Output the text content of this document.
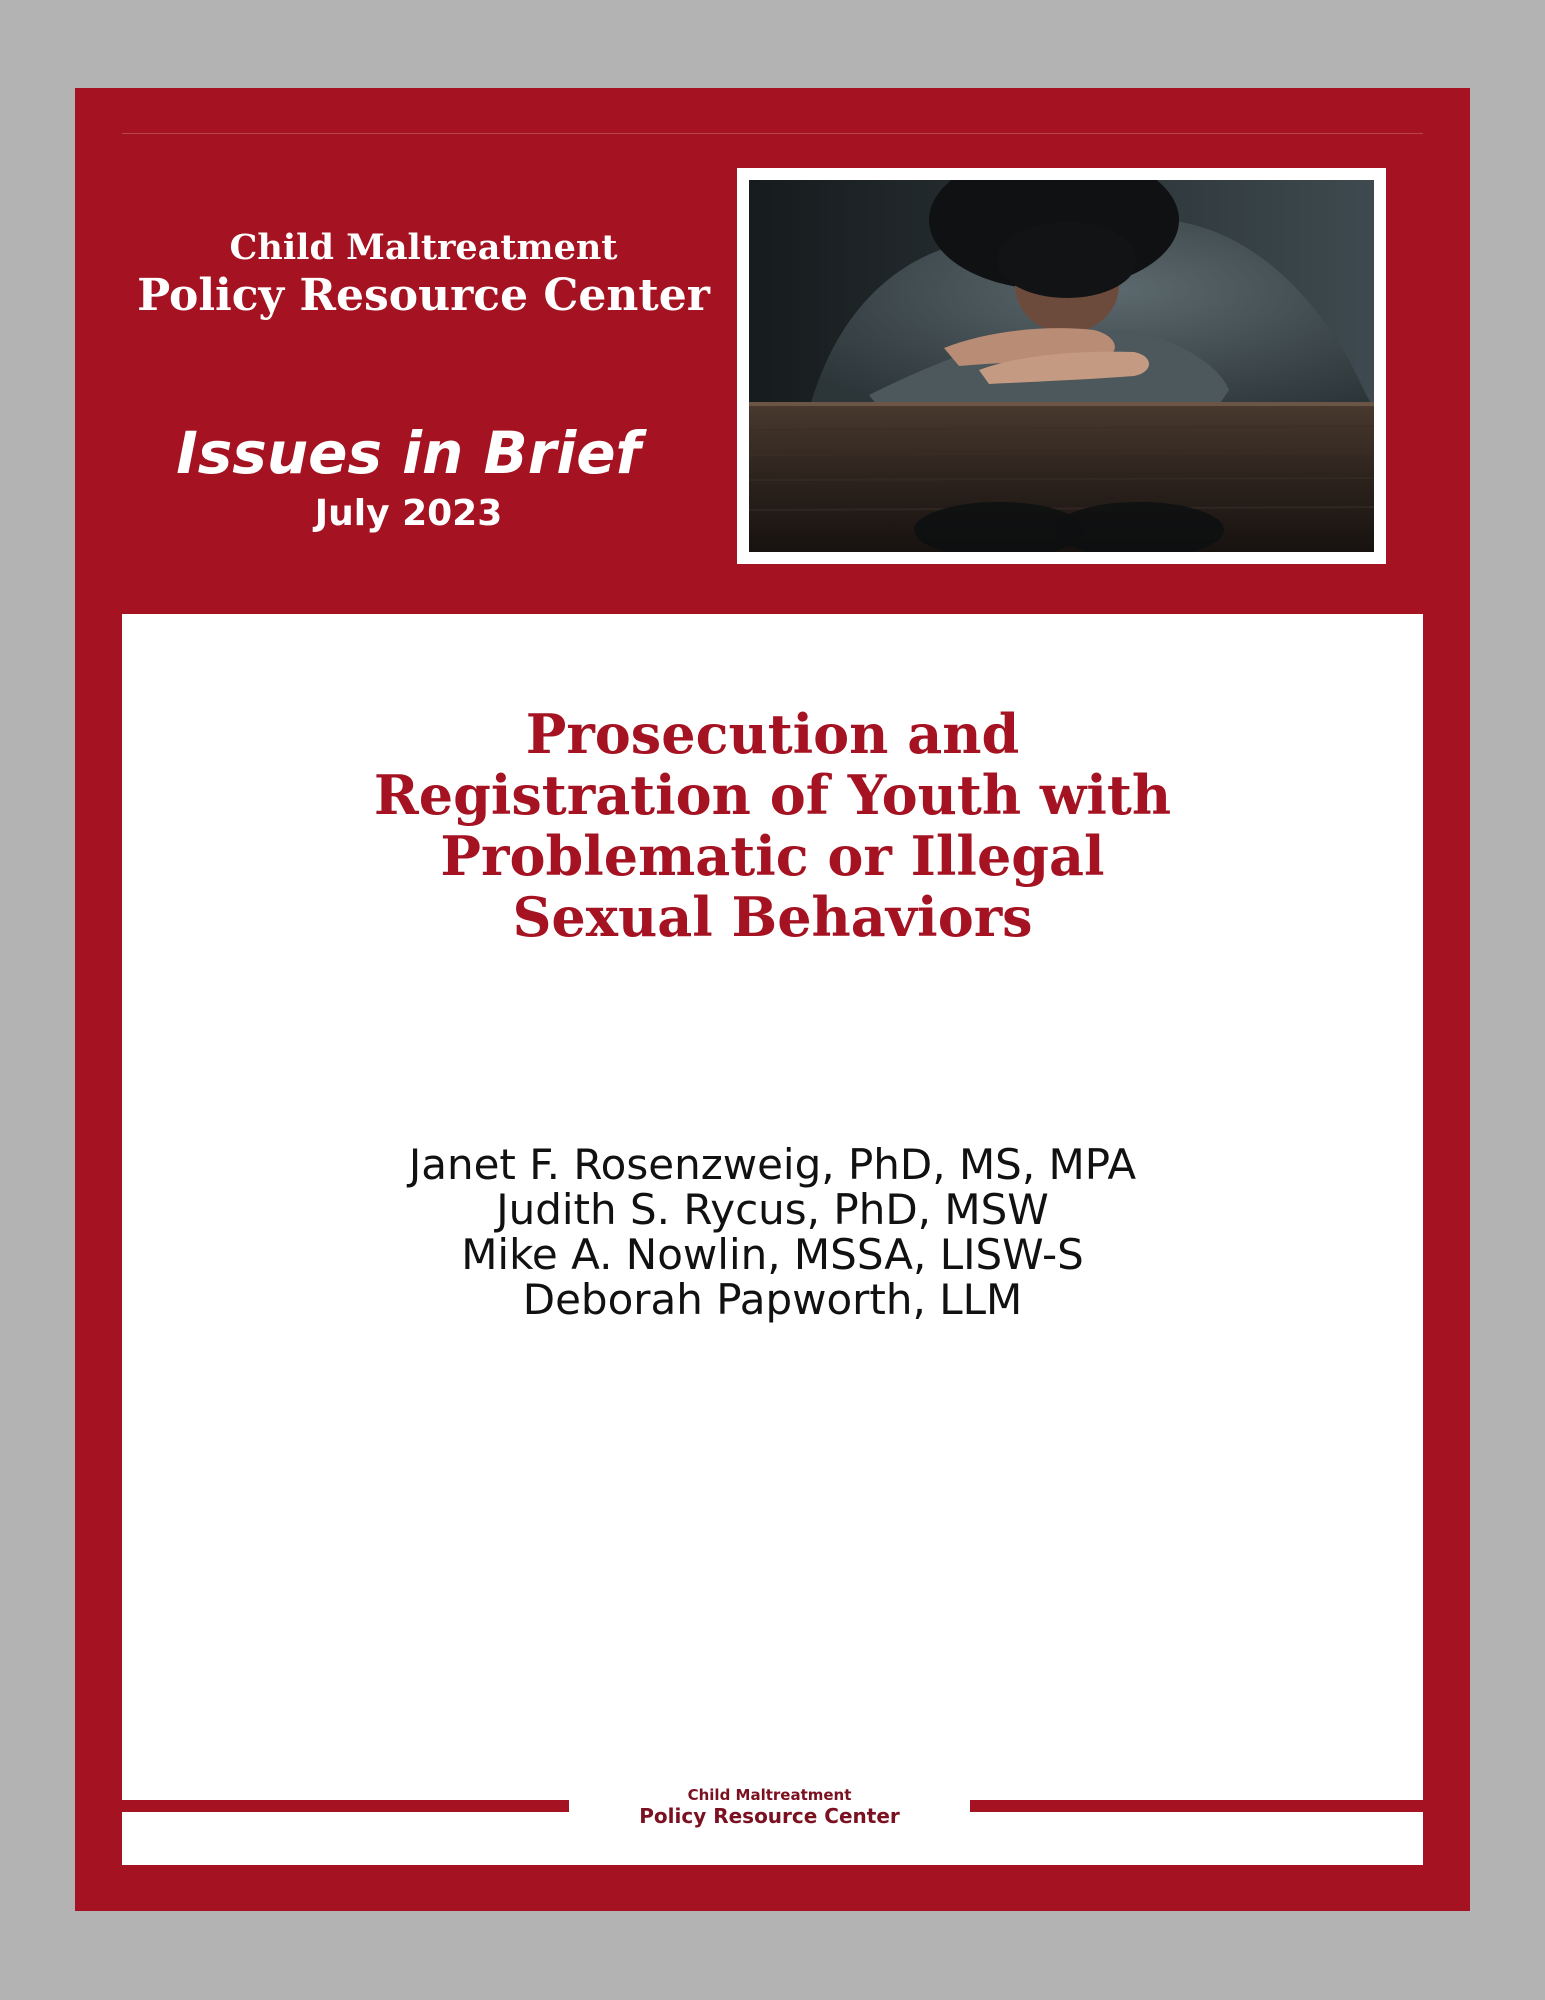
Child Maltreatment
Policy Resource Center
Issues in Brief
July 2023
Prosecution and
Registration of Youth with
Problematic or Illegal
Sexual Behaviors
Janet F. Rosenzweig, PhD, MS, MPA
Judith S. Rycus, PhD, MSW
Mike A. Nowlin, MSSA, LISW-S
Deborah Papworth, LLM
Child Maltreatment
Policy Resource Center
